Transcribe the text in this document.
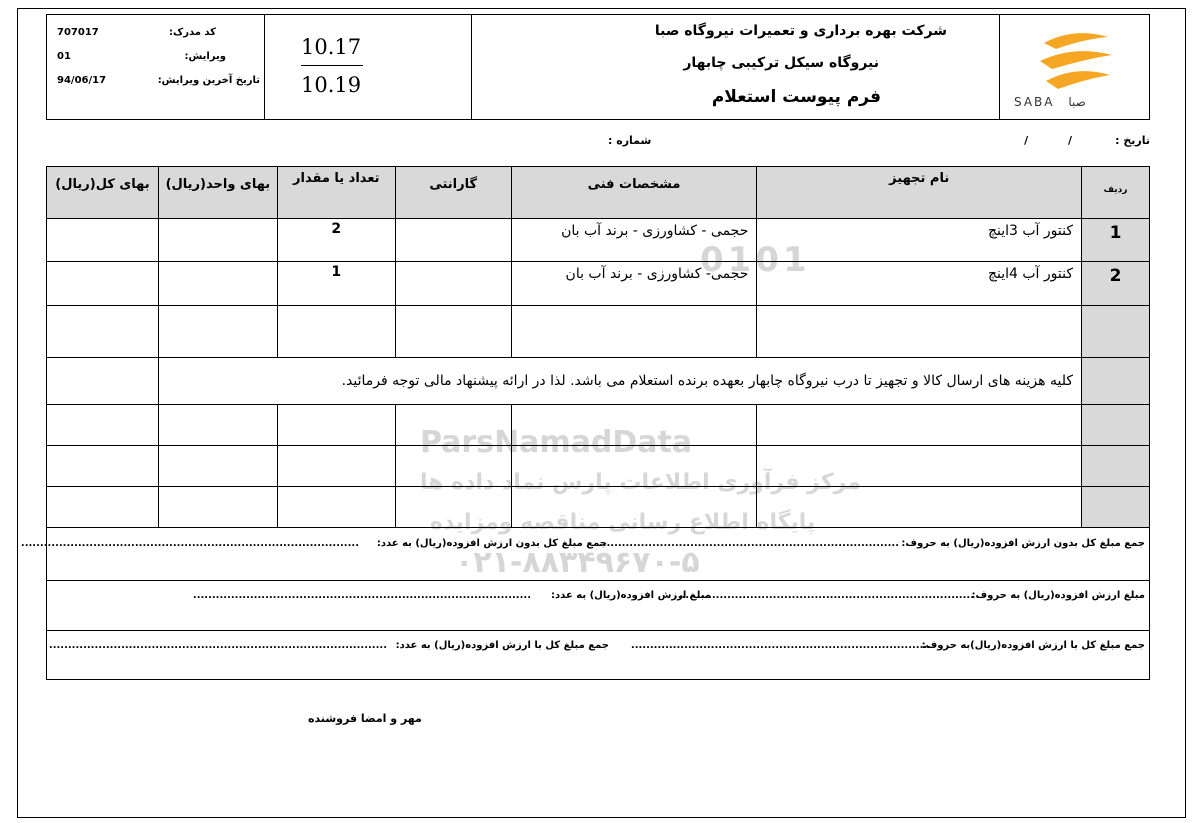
0101
ParsNamadData
مرکز فرآوری اطلاعات پارس نماد داده ها
پایگاه اطلاع رسانی مناقصه ومزایده
۰۲۱-۸۸۳۴۹۶۷۰-۵
SABA صبا
شرکت بهره برداری و تعمیرات نیروگاه صبا
نیروگاه سیکل ترکیبی چابهار
فرم پیوست استعلام
10.17
10.19
کد مدرک:
707017
ویرایش:
01
تاریخ آخرین ویرایش:
94/06/17
تاریخ :
/ /
شماره :
بهای کل(ریال)	بهای واحد(ریال)	تعداد یا مقدار	گارانتی	مشخصات فنی	نام تجهیز	ردیف
		2		حجمی - کشاورزی - برند آب بان	کنتور آب 3اینچ	1
		1		حجمی- کشاورزی - برند آب بان	کنتور آب 4اینچ	2

	کلیه هزینه های ارسال کالا و تجهیز تا درب نیروگاه چابهار بعهده برنده استعلام می باشد. لذا در ارائه پیشنهاد مالی توجه فرمائید.					

جمع مبلغ کل بدون ارزش افزوده(ریال) به حروف:
...............................................................................
جمع مبلغ کل بدون ارزش افزوده(ریال) به عدد:
.........................................................................................
مبلغ ارزش افزوده(ریال) به حروف:
...............................................................................
مبلغ ارزش افزوده(ریال) به عدد:
.........................................................................................
جمع مبلغ کل با ارزش افزوده(ریال)به حروف:
...............................................................................
جمع مبلغ کل با ارزش افزوده(ریال) به عدد:
.........................................................................................
مهر و امضا فروشنده
